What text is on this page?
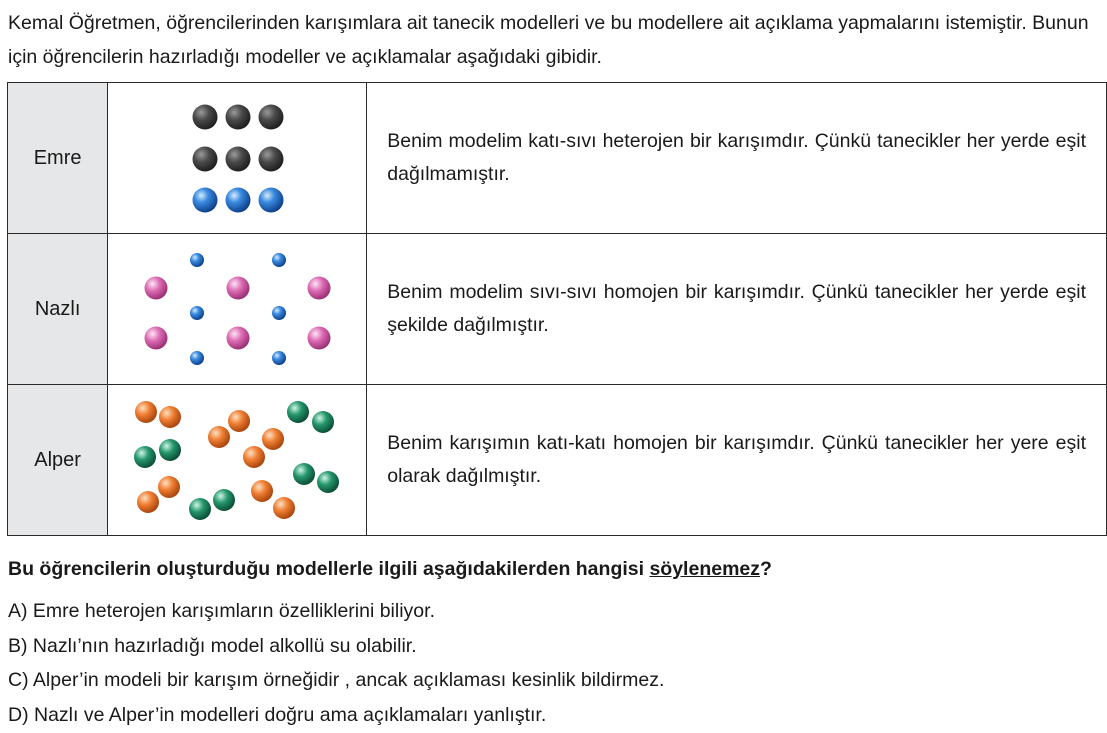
Kemal Öğretmen, öğrencilerinden karışımlara ait tanecik modelleri ve bu modellere ait açıklama yapmalarını istemiştir. Bunun için öğrencilerin hazırladığı modeller ve açıklamalar aşağıdaki gibidir.
Emre		Benim modelim katı-sıvı heterojen bir karışımdır. Çünkü tanecikler her yerde eşit dağılmamıştır.
Nazlı		Benim modelim sıvı-sıvı homojen bir karışımdır. Çünkü tanecikler her yerde eşit şekilde dağılmıştır.
Alper		Benim karışımın katı-katı homojen bir karışımdır. Çünkü tanecikler her yere eşit olarak dağılmıştır.
Bu öğrencilerin oluşturduğu modellerle ilgili aşağıdakilerden hangisi söylenemez?
A) Emre heterojen karışımların özelliklerini biliyor.
B) Nazlı’nın hazırladığı model alkollü su olabilir.
C) Alper’in modeli bir karışım örneğidir , ancak açıklaması kesinlik bildirmez.
D) Nazlı ve Alper’in modelleri doğru ama açıklamaları yanlıştır.
